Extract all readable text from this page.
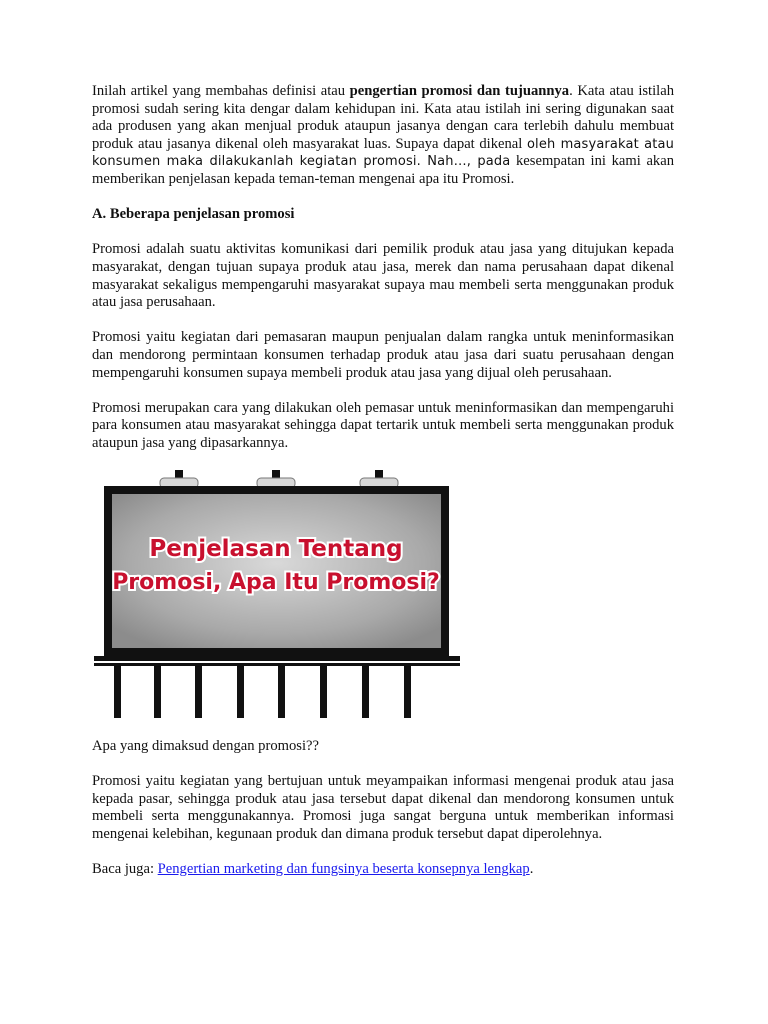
Inilah artikel yang membahas definisi atau pengertian promosi dan tujuannya. Kata atau istilah promosi sudah sering kita dengar dalam kehidupan ini. Kata atau istilah ini sering digunakan saat ada produsen yang akan menjual produk ataupun jasanya dengan cara terlebih dahulu membuat produk atau jasanya dikenal oleh masyarakat luas. Supaya dapat dikenal oleh masyarakat atau konsumen maka dilakukanlah kegiatan promosi. Nah…, pada kesempatan ini kami akan memberikan penjelasan kepada teman-teman mengenai apa itu Promosi.

A. Beberapa penjelasan promosi

Promosi adalah suatu aktivitas komunikasi dari pemilik produk atau jasa yang ditujukan kepada masyarakat, dengan tujuan supaya produk atau jasa, merek dan nama perusahaan dapat dikenal masyarakat sekaligus mempengaruhi masyarakat supaya mau membeli serta menggunakan produk atau jasa perusahaan.

Promosi yaitu kegiatan dari pemasaran maupun penjualan dalam rangka untuk meninformasikan dan mendorong permintaan konsumen terhadap produk atau jasa dari suatu perusahaan dengan mempengaruhi konsumen supaya membeli produk atau jasa yang dijual oleh perusahaan.

Promosi merupakan cara yang dilakukan oleh pemasar untuk meninformasikan dan mempengaruhi para konsumen atau masyarakat sehingga dapat tertarik untuk membeli serta menggunakan produk ataupun jasa yang dipasarkannya.

Penjelasan Tentang
Promosi, Apa Itu Promosi?

Apa yang dimaksud dengan promosi??

Promosi yaitu kegiatan yang bertujuan untuk meyampaikan informasi mengenai produk atau jasa kepada pasar, sehingga produk atau jasa tersebut dapat dikenal dan mendorong konsumen untuk membeli serta menggunakannya. Promosi juga sangat berguna untuk memberikan informasi mengenai kelebihan, kegunaan produk dan dimana produk tersebut dapat diperolehnya.

Baca juga: Pengertian marketing dan fungsinya beserta konsepnya lengkap.
